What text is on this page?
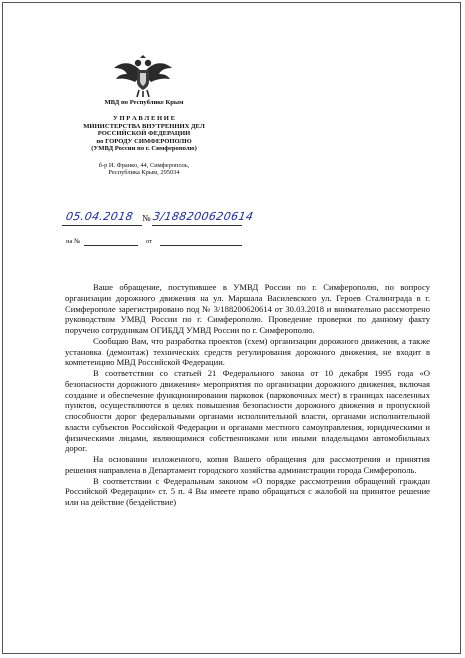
МВД по Республике Крым
У П Р А В Л Е Н И Е
МИНИСТЕРСТВА ВНУТРЕННИХ ДЕЛ
РОССИЙСКОЙ ФЕДЕРАЦИИ
по ГОРОДУ СИМФЕРОПОЛЮ
(УМВД России по г. Симферополю)
б-р И. Франко, 44, Симферополь,
Республика Крым, 295034
05.04.2018 № 3/188200620614
на №	от

Ваше обращение, поступившее в УМВД России по г. Симферополю, по вопросу организации дорожного движения на ул. Маршала Василевского ул. Героев Сталинграда в г. Симферополе зарегистрировано под № 3/188200620614 от 30.03.2018 и внимательно рассмотрено руководством УМВД России по г. Симферополю. Проведение проверки по данному факту поручено сотрудникам ОГИБДД УМВД России по г. Симферополю.

Сообщаю Вам, что разработка проектов (схем) организации дорожного движения, а также установка (демонтаж) технических средств регулирования дорожного движения, не входит в компетенцию МВД Российской Федерации.

В соответствии со статьей 21 Федерального закона от 10 декабря 1995 года «О безопасности дорожного движения» мероприятия по организации дорожного движения, включая создание и обеспечение функционирования парковок (парковочных мест) в границах населенных пунктов, осуществляются в целях повышения безопасности дорожного движения и пропускной способности дорог федеральными органами исполнительной власти, органами исполнительной власти субъектов Российской Федерации и органами местного самоуправления, юридическими и физическими лицами, являющимися собственниками или иными владельцами автомобильных дорог.

На основании изложенного, копия Вашего обращения для рассмотрения и принятия решения направлена в Департамент городского хозяйства администрации города Симферополь.

В соответствии с Федеральным законом «О порядке рассмотрения обращений граждан Российской Федерации» ст. 5 п. 4 Вы имеете право обращаться с жалобой на принятое решение или на действие (бездействие)
